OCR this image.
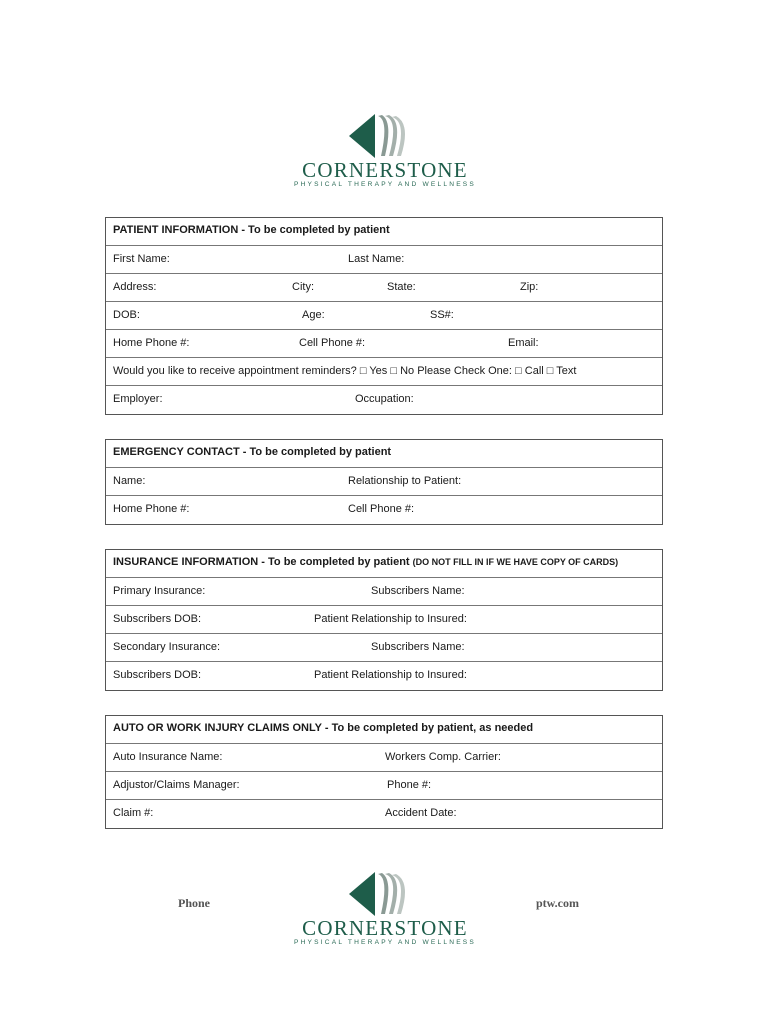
CORNERSTONE
PHYSICAL THERAPY AND WELLNESS
PATIENT INFORMATION - To be completed by patient
First Name:	Last Name:
Address:	City:	State:	Zip:
DOB:	Age:	SS#:
Home Phone #:	Cell Phone #:	Email:
Would you like to receive appointment reminders? □ Yes □ No Please Check One: □ Call □ Text
Employer:	Occupation:
EMERGENCY CONTACT - To be completed by patient
Name:	Relationship to Patient:
Home Phone #:	Cell Phone #:
INSURANCE INFORMATION - To be completed by patient (DO NOT FILL IN IF WE HAVE COPY OF CARDS)
Primary Insurance:	Subscribers Name:
Subscribers DOB:	Patient Relationship to Insured:
Secondary Insurance:	Subscribers Name:
Subscribers DOB:	Patient Relationship to Insured:
AUTO OR WORK INJURY CLAIMS ONLY - To be completed by patient, as needed
Auto Insurance Name:	Workers Comp. Carrier:
Adjustor/Claims Manager:	Phone #:
Claim #:	Accident Date:
Phone	ptw.com
CORNERSTONE
PHYSICAL THERAPY AND WELLNESS
